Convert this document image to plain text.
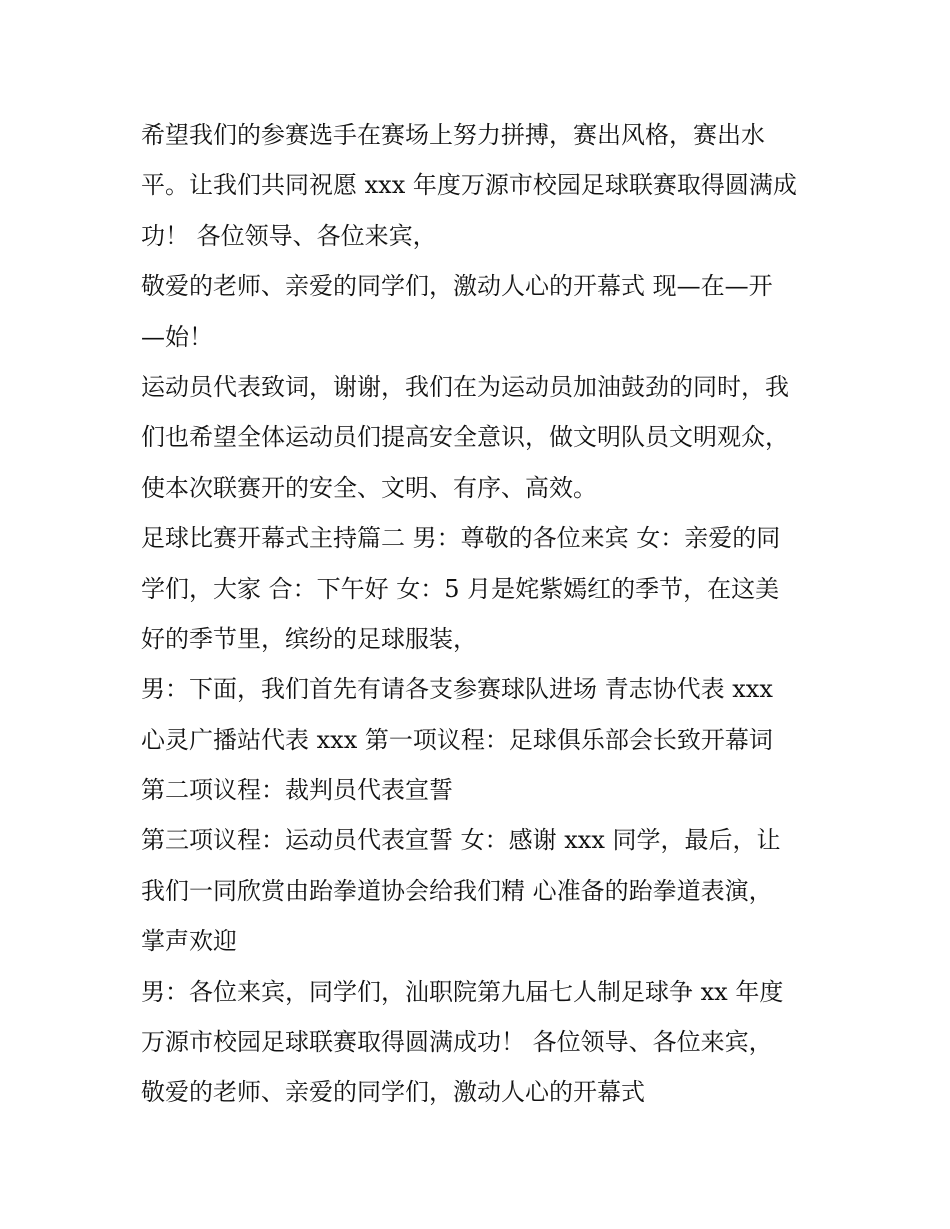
希望我们的参赛选手在赛场上努力拼搏，赛出风格，赛出水
平。让我们共同祝愿 xxx 年度万源市校园足球联赛取得圆满成
功！ 各位领导、各位来宾，
敬爱的老师、亲爱的同学们，激动人心的开幕式 现—在—开
—始！
运动员代表致词，谢谢，我们在为运动员加油鼓劲的同时，我
们也希望全体运动员们提高安全意识，做文明队员文明观众，
使本次联赛开的安全、文明、有序、高效。
足球比赛开幕式主持篇二 男：尊敬的各位来宾 女：亲爱的同
学们，大家 合：下午好 女：5 月是姹紫嫣红的季节，在这美
好的季节里，缤纷的足球服装，
男：下面，我们首先有请各支参赛球队进场 青志协代表 xxx
心灵广播站代表 xxx 第一项议程：足球俱乐部会长致开幕词
第二项议程：裁判员代表宣誓
第三项议程：运动员代表宣誓 女：感谢 xxx 同学，最后，让
我们一同欣赏由跆拳道协会给我们精 心准备的跆拳道表演，
掌声欢迎
男：各位来宾，同学们，汕职院第九届七人制足球争 xx 年度
万源市校园足球联赛取得圆满成功！ 各位领导、各位来宾，
敬爱的老师、亲爱的同学们，激动人心的开幕式
